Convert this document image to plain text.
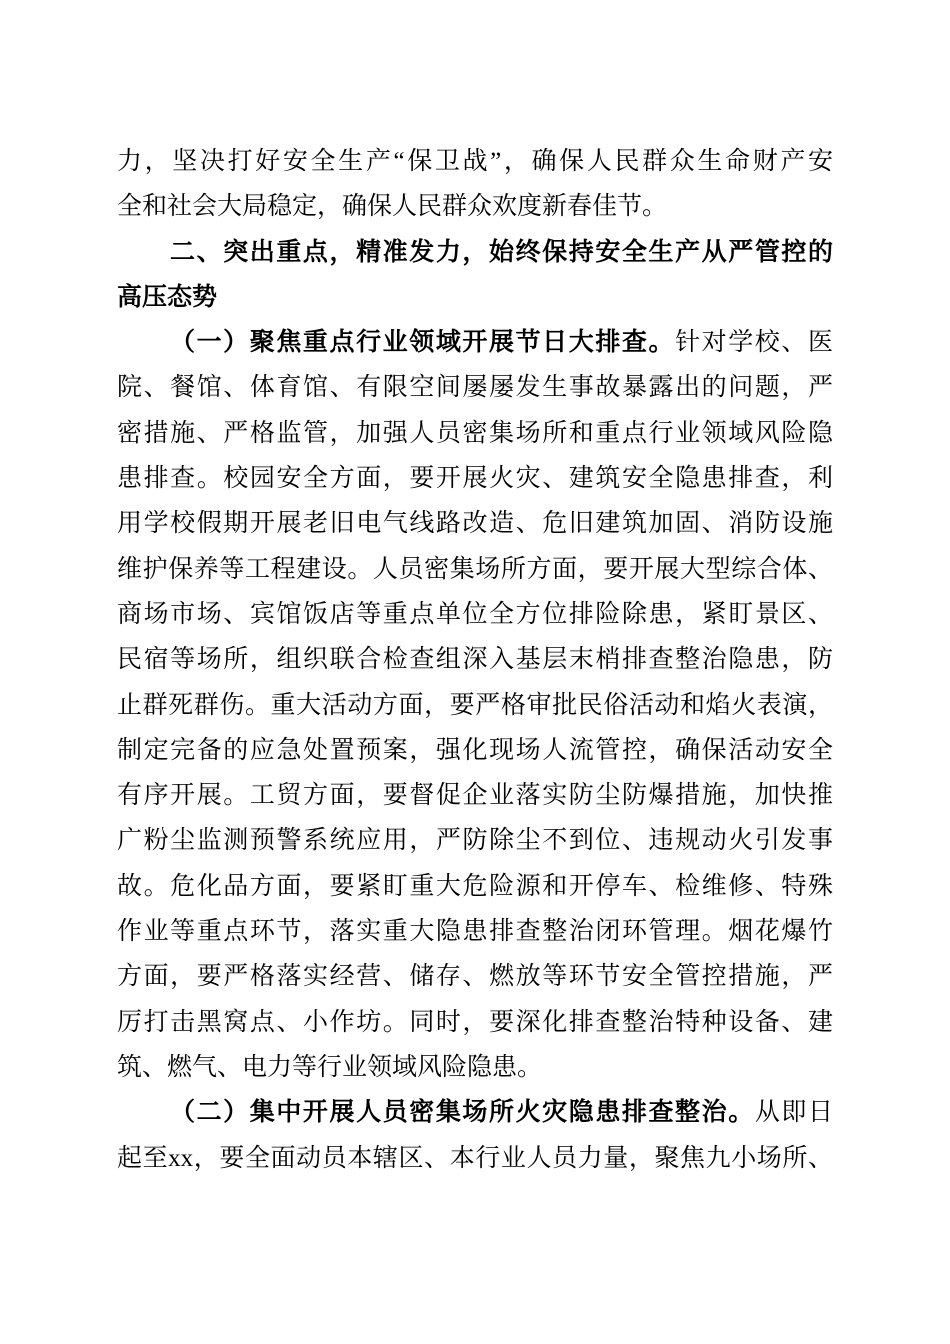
力，坚决打好安全生产“保卫战”，确保人民群众生命财产安
全和社会大局稳定，确保人民群众欢度新春佳节。
二、突出重点，精准发力，始终保持安全生产从严管控的
高压态势
（一）聚焦重点行业领域开展节日大排查。针对学校、医
院、餐馆、体育馆、有限空间屡屡发生事故暴露出的问题，严
密措施、严格监管，加强人员密集场所和重点行业领域风险隐
患排查。校园安全方面，要开展火灾、建筑安全隐患排查，利
用学校假期开展老旧电气线路改造、危旧建筑加固、消防设施
维护保养等工程建设。人员密集场所方面，要开展大型综合体、
商场市场、宾馆饭店等重点单位全方位排险除患，紧盯景区、
民宿等场所，组织联合检查组深入基层末梢排查整治隐患，防
止群死群伤。重大活动方面，要严格审批民俗活动和焰火表演，
制定完备的应急处置预案，强化现场人流管控，确保活动安全
有序开展。工贸方面，要督促企业落实防尘防爆措施，加快推
广粉尘监测预警系统应用，严防除尘不到位、违规动火引发事
故。危化品方面，要紧盯重大危险源和开停车、检维修、特殊
作业等重点环节，落实重大隐患排查整治闭环管理。烟花爆竹
方面，要严格落实经营、储存、燃放等环节安全管控措施，严
厉打击黑窝点、小作坊。同时，要深化排查整治特种设备、建
筑、燃气、电力等行业领域风险隐患。
（二）集中开展人员密集场所火灾隐患排查整治。从即日
起至xx，要全面动员本辖区、本行业人员力量，聚焦九小场所、
